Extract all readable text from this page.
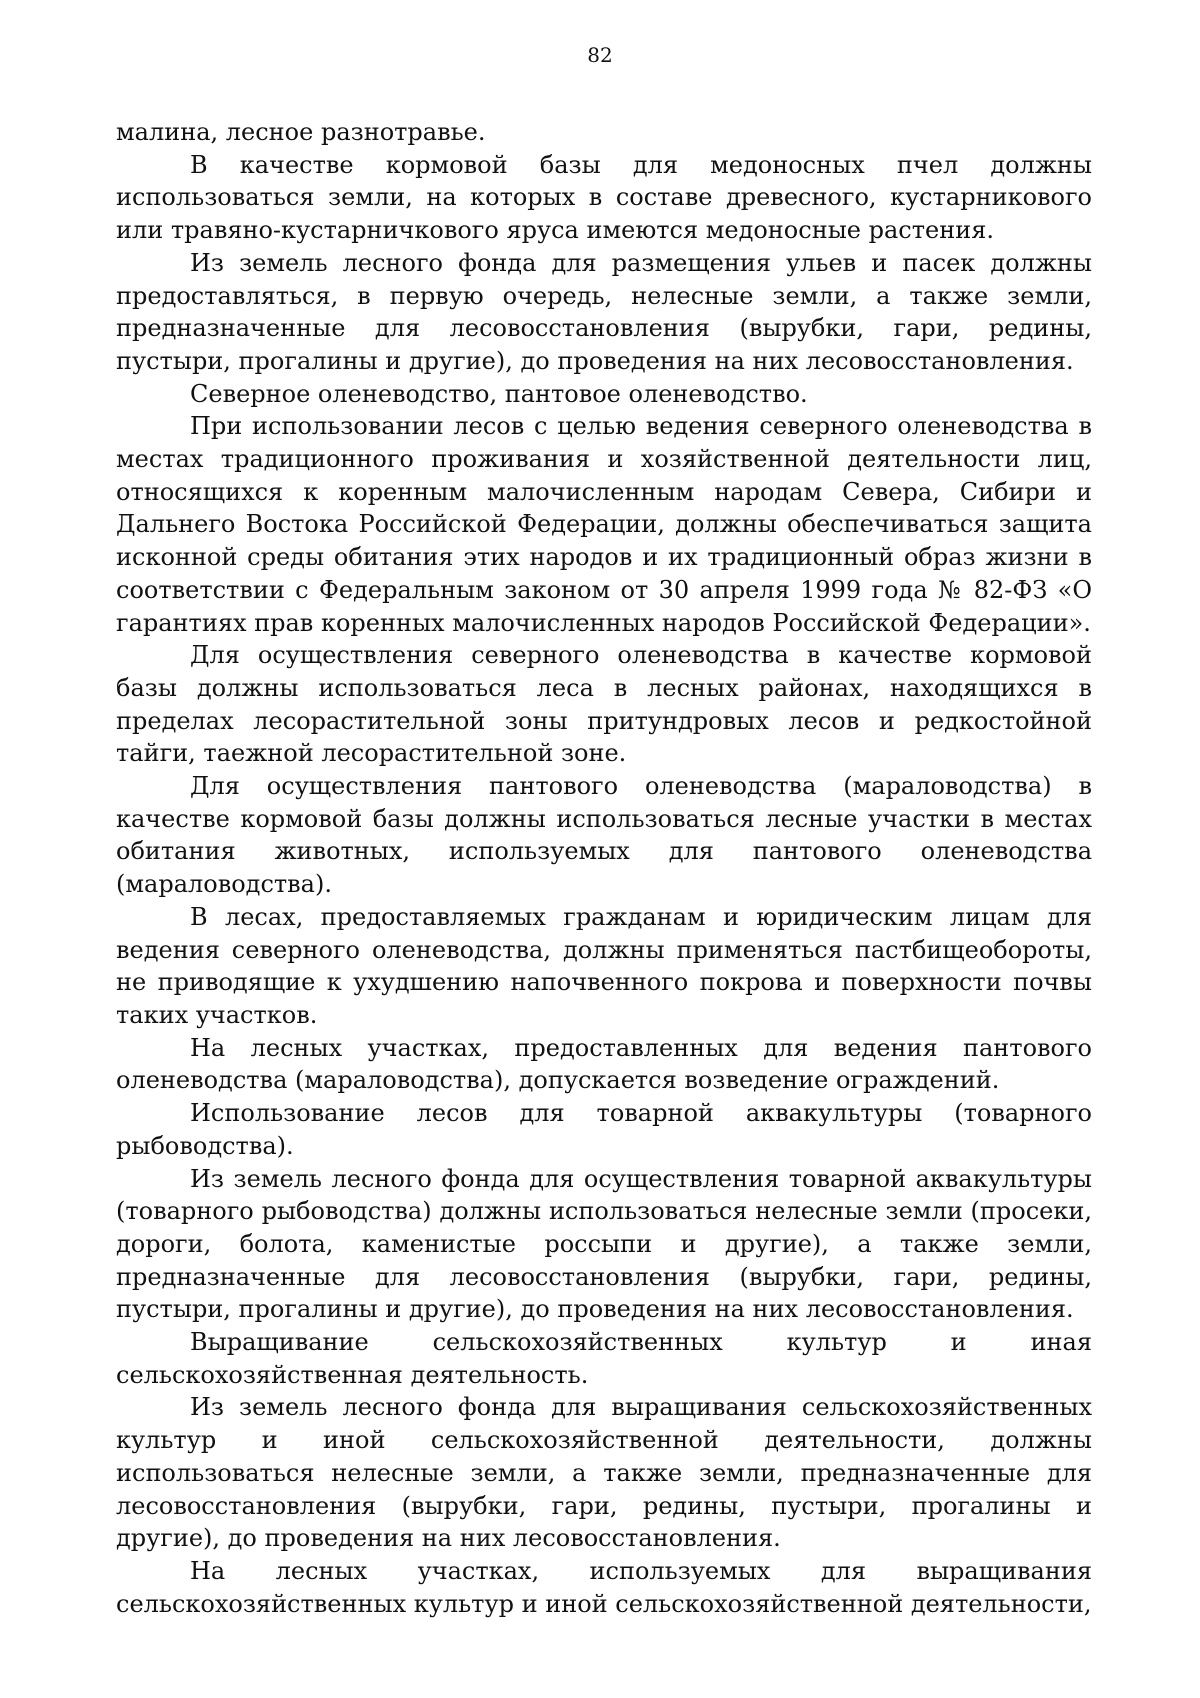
82

малина, лесное разнотравье.

В качестве кормовой базы для медоносных пчел должны использоваться земли, на которых в составе древесного, кустарникового или травяно-кустарничкового яруса имеются медоносные растения.

Из земель лесного фонда для размещения ульев и пасек должны предоставляться, в первую очередь, нелесные земли, а также земли, предназначенные для лесовосстановления (вырубки, гари, редины, пустыри, прогалины и другие), до проведения на них лесовосстановления.

Северное оленеводство, пантовое оленеводство.

При использовании лесов с целью ведения северного оленеводства в местах традиционного проживания и хозяйственной деятельности лиц, относящихся к коренным малочисленным народам Севера, Сибири и Дальнего Востока Российской Федерации, должны обеспечиваться защита исконной среды обитания этих народов и их традиционный образ жизни в соответствии с Федеральным законом от 30 апреля 1999 года № 82-ФЗ «О гарантиях прав коренных малочисленных народов Российской Федерации».

Для осуществления северного оленеводства в качестве кормовой базы должны использоваться леса в лесных районах, находящихся в пределах лесорастительной зоны притундровых лесов и редкостойной тайги, таежной лесорастительной зоне.

Для осуществления пантового оленеводства (мараловодства) в качестве кормовой базы должны использоваться лесные участки в местах обитания животных, используемых для пантового оленеводства (мараловодства).

В лесах, предоставляемых гражданам и юридическим лицам для ведения северного оленеводства, должны применяться пастбищеобороты, не приводящие к ухудшению напочвенного покрова и поверхности почвы таких участков.

На лесных участках, предоставленных для ведения пантового оленеводства (мараловодства), допускается возведение ограждений.

Использование лесов для товарной аквакультуры (товарного рыбоводства).

Из земель лесного фонда для осуществления товарной аквакультуры (товарного рыбоводства) должны использоваться нелесные земли (просеки, дороги, болота, каменистые россыпи и другие), а также земли, предназначенные для лесовосстановления (вырубки, гари, редины, пустыри, прогалины и другие), до проведения на них лесовосстановления.

Выращивание сельскохозяйственных культур и иная сельскохозяйственная деятельность.

Из земель лесного фонда для выращивания сельскохозяйственных культур и иной сельскохозяйственной деятельности, должны использоваться нелесные земли, а также земли, предназначенные для лесовосстановления (вырубки, гари, редины, пустыри, прогалины и другие), до проведения на них лесовосстановления.

На лесных участках, используемых для выращивания сельскохозяйственных культур и иной сельскохозяйственной деятельности,
